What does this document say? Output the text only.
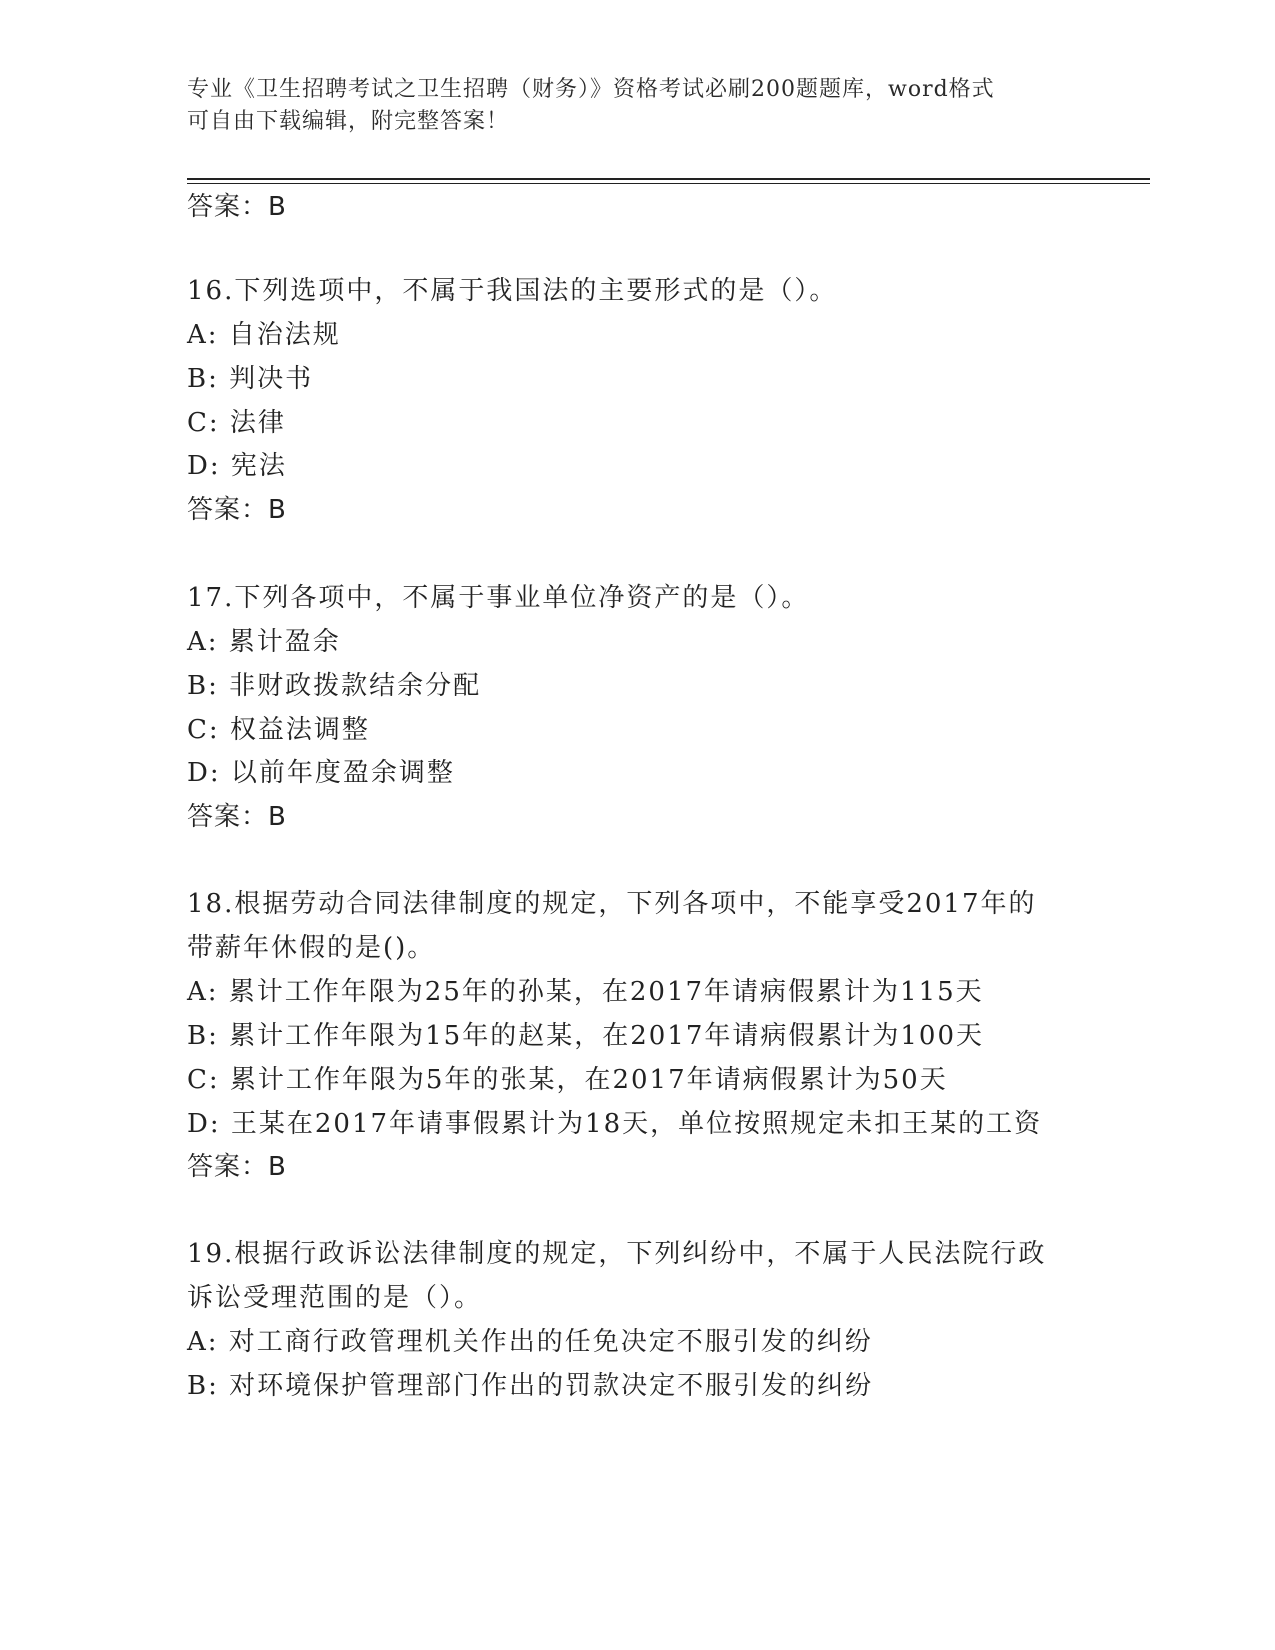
专业《卫生招聘考试之卫生招聘（财务）》资格考试必刷200题题库，word格式
可自由下载编辑，附完整答案！
答案：B
16.下列选项中，不属于我国法的主要形式的是（）。
A: 自治法规
B: 判决书
C: 法律
D: 宪法
答案：B
17.下列各项中，不属于事业单位净资产的是（）。
A: 累计盈余
B: 非财政拨款结余分配
C: 权益法调整
D: 以前年度盈余调整
答案：B
18.根据劳动合同法律制度的规定，下列各项中，不能享受2017年的
带薪年休假的是()。
A: 累计工作年限为25年的孙某，在2017年请病假累计为115天
B: 累计工作年限为15年的赵某，在2017年请病假累计为100天
C: 累计工作年限为5年的张某，在2017年请病假累计为50天
D: 王某在2017年请事假累计为18天，单位按照规定未扣王某的工资
答案：B
19.根据行政诉讼法律制度的规定，下列纠纷中，不属于人民法院行政
诉讼受理范围的是（）。
A: 对工商行政管理机关作出的任免决定不服引发的纠纷
B: 对环境保护管理部门作出的罚款决定不服引发的纠纷
